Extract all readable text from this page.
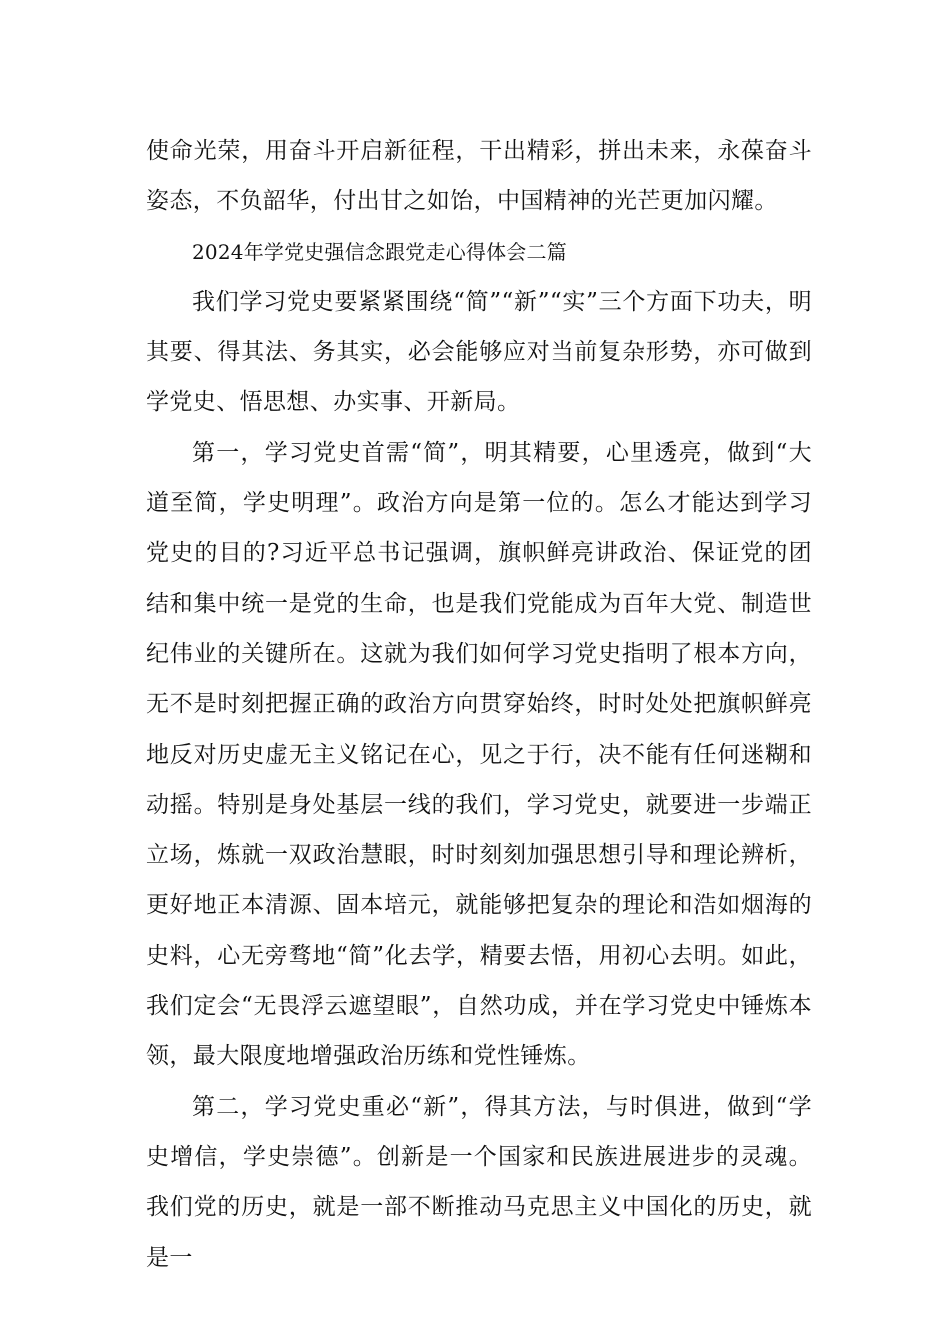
使命光荣，用奋斗开启新征程，干出精彩，拼出未来，永葆奋斗姿态，不负韶华，付出甘之如饴，中国精神的光芒更加闪耀。

2024年学党史强信念跟党走心得体会二篇

我们学习党史要紧紧围绕“简”“新”“实”三个方面下功夫，明其要、得其法、务其实，必会能够应对当前复杂形势，亦可做到学党史、悟思想、办实事、开新局。

第一，学习党史首需“简”，明其精要，心里透亮，做到“大道至简，学史明理”。政治方向是第一位的。怎么才能达到学习党史的目的?习近平总书记强调，旗帜鲜亮讲政治、保证党的团结和集中统一是党的生命，也是我们党能成为百年大党、制造世纪伟业的关键所在。这就为我们如何学习党史指明了根本方向，无不是时刻把握正确的政治方向贯穿始终，时时处处把旗帜鲜亮地反对历史虚无主义铭记在心，见之于行，决不能有任何迷糊和动摇。特别是身处基层一线的我们，学习党史，就要进一步端正立场，炼就一双政治慧眼，时时刻刻加强思想引导和理论辨析，更好地正本清源、固本培元，就能够把复杂的理论和浩如烟海的史料，心无旁骛地“简”化去学，精要去悟，用初心去明。如此，我们定会“无畏浮云遮望眼”，自然功成，并在学习党史中锤炼本领，最大限度地增强政治历练和党性锤炼。

第二，学习党史重必“新”，得其方法，与时俱进，做到“学史增信，学史崇德”。创新是一个国家和民族进展进步的灵魂。我们党的历史，就是一部不断推动马克思主义中国化的历史，就是一
